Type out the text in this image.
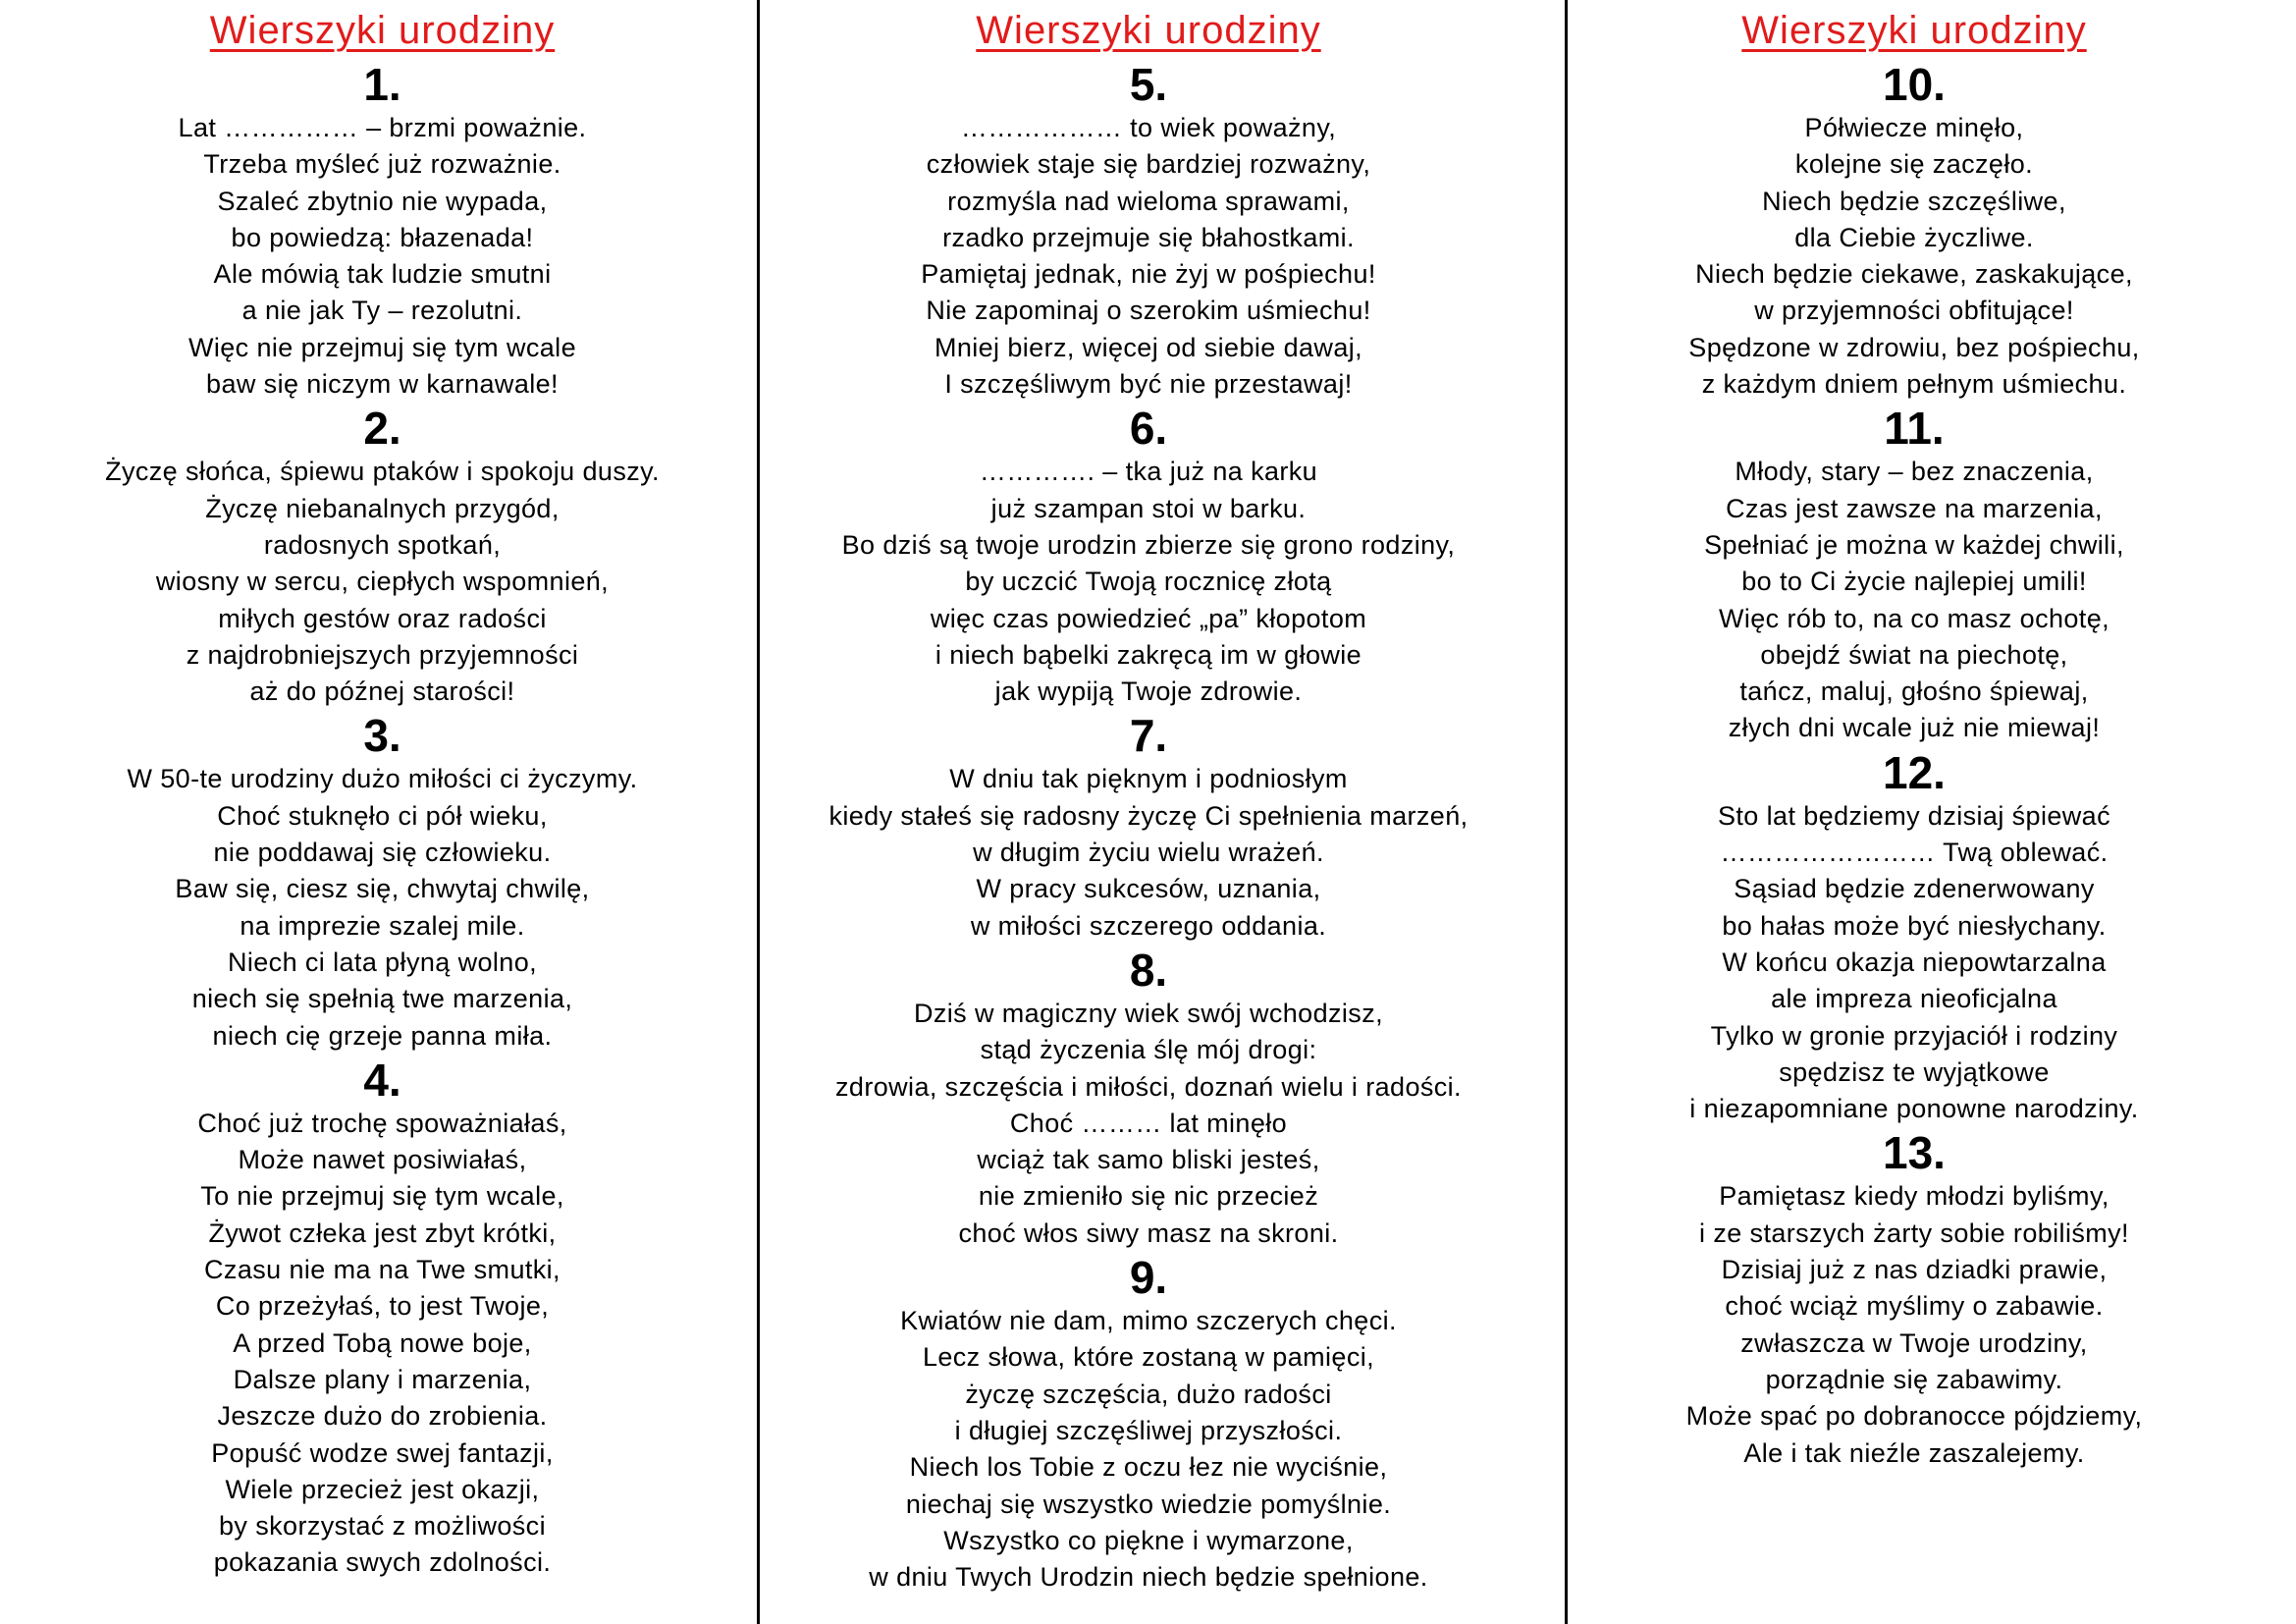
Wierszyki urodziny
1.
Lat …………… – brzmi poważnie.
Trzeba myśleć już rozważnie.
Szaleć zbytnio nie wypada,
bo powiedzą: błazenada!
Ale mówią tak ludzie smutni
a nie jak Ty – rezolutni.
Więc nie przejmuj się tym wcale
baw się niczym w karnawale!
2.
Życzę słońca, śpiewu ptaków i spokoju duszy.
Życzę niebanalnych przygód,
radosnych spotkań,
wiosny w sercu, ciepłych wspomnień,
miłych gestów oraz radości
z najdrobniejszych przyjemności
aż do późnej starości!
3.
W 50-te urodziny dużo miłości ci życzymy.
Choć stuknęło ci pół wieku,
nie poddawaj się człowieku.
Baw się, ciesz się, chwytaj chwilę,
na imprezie szalej mile.
Niech ci lata płyną wolno,
niech się spełnią twe marzenia,
niech cię grzeje panna miła.
4.
Choć już trochę spoważniałaś,
Może nawet posiwiałaś,
To nie przejmuj się tym wcale,
Żywot człeka jest zbyt krótki,
Czasu nie ma na Twe smutki,
Co przeżyłaś, to jest Twoje,
A przed Tobą nowe boje,
Dalsze plany i marzenia,
Jeszcze dużo do zrobienia.
Popuść wodze swej fantazji,
Wiele przecież jest okazji,
by skorzystać z możliwości
pokazania swych zdolności.
Wierszyki urodziny
5.
……………… to wiek poważny,
człowiek staje się bardziej rozważny,
rozmyśla nad wieloma sprawami,
rzadko przejmuje się błahostkami.
Pamiętaj jednak, nie żyj w pośpiechu!
Nie zapominaj o szerokim uśmiechu!
Mniej bierz, więcej od siebie dawaj,
I szczęśliwym być nie przestawaj!
6.
…………. – tka już na karku
już szampan stoi w barku.
Bo dziś są twoje urodzin zbierze się grono rodziny,
by uczcić Twoją rocznicę złotą
więc czas powiedzieć „pa” kłopotom
i niech bąbelki zakręcą im w głowie
jak wypiją Twoje zdrowie.
7.
W dniu tak pięknym i podniosłym
kiedy stałeś się radosny życzę Ci spełnienia marzeń,
w długim życiu wielu wrażeń.
W pracy sukcesów, uznania,
w miłości szczerego oddania.
8.
Dziś w magiczny wiek swój wchodzisz,
stąd życzenia ślę mój drogi:
zdrowia, szczęścia i miłości, doznań wielu i radości.
Choć ……… lat minęło
wciąż tak samo bliski jesteś,
nie zmieniło się nic przecież
choć włos siwy masz na skroni.
9.
Kwiatów nie dam, mimo szczerych chęci.
Lecz słowa, które zostaną w pamięci,
życzę szczęścia, dużo radości
i długiej szczęśliwej przyszłości.
Niech los Tobie z oczu łez nie wyciśnie,
niechaj się wszystko wiedzie pomyślnie.
Wszystko co piękne i wymarzone,
w dniu Twych Urodzin niech będzie spełnione.
Wierszyki urodziny
10.
Półwiecze minęło,
kolejne się zaczęło.
Niech będzie szczęśliwe,
dla Ciebie życzliwe.
Niech będzie ciekawe, zaskakujące,
w przyjemności obfitujące!
Spędzone w zdrowiu, bez pośpiechu,
z każdym dniem pełnym uśmiechu.
11.
Młody, stary – bez znaczenia,
Czas jest zawsze na marzenia,
Spełniać je można w każdej chwili,
bo to Ci życie najlepiej umili!
Więc rób to, na co masz ochotę,
obejdź świat na piechotę,
tańcz, maluj, głośno śpiewaj,
złych dni wcale już nie miewaj!
12.
Sto lat będziemy dzisiaj śpiewać
…………………… Twą oblewać.
Sąsiad będzie zdenerwowany
bo hałas może być niesłychany.
W końcu okazja niepowtarzalna
ale impreza nieoficjalna
Tylko w gronie przyjaciół i rodziny
spędzisz te wyjątkowe
i niezapomniane ponowne narodziny.
13.
Pamiętasz kiedy młodzi byliśmy,
i ze starszych żarty sobie robiliśmy!
Dzisiaj już z nas dziadki prawie,
choć wciąż myślimy o zabawie.
zwłaszcza w Twoje urodziny,
porządnie się zabawimy.
Może spać po dobranocce pójdziemy,
Ale i tak nieźle zaszalejemy.
